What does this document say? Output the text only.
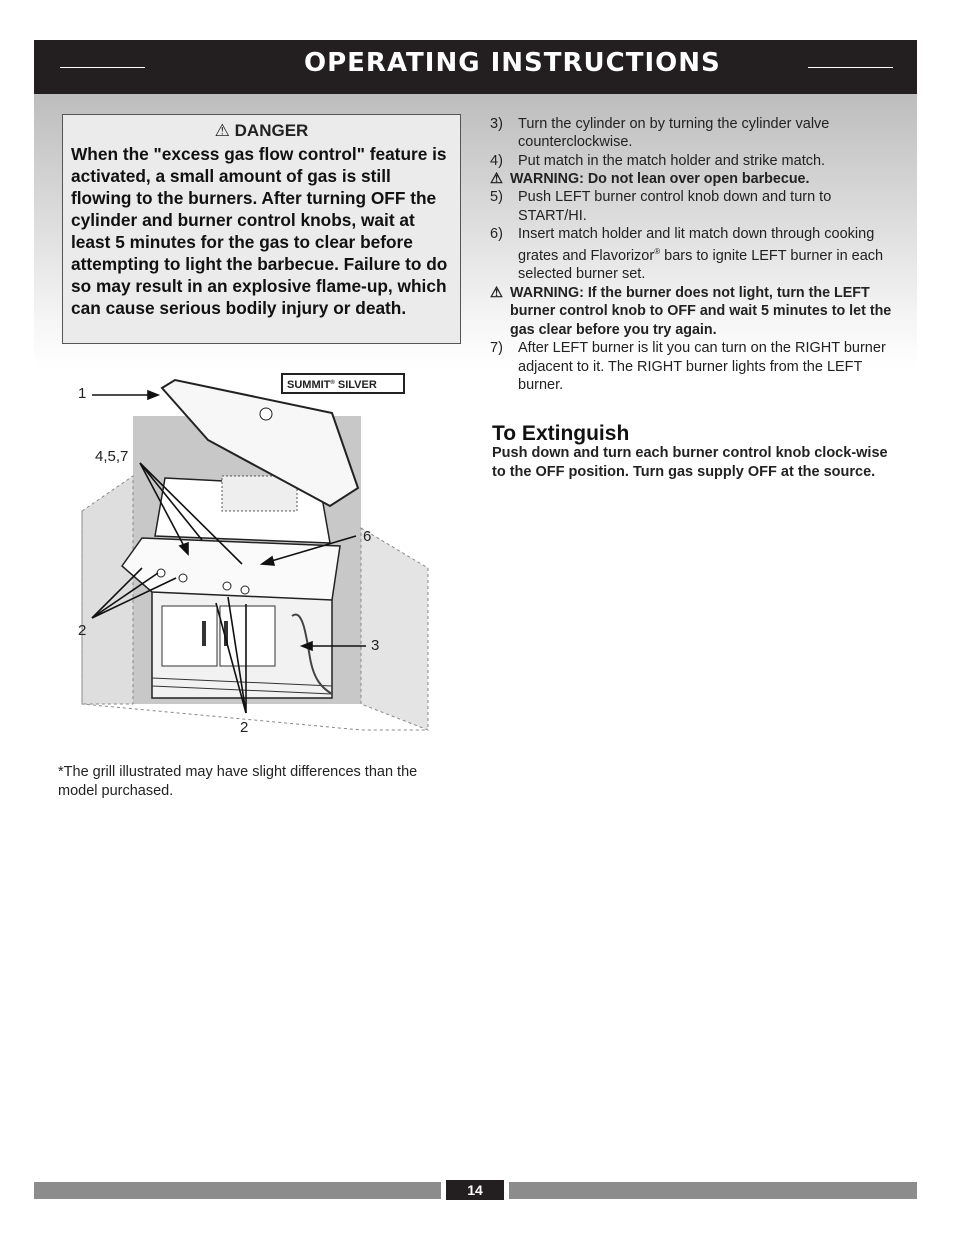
OPERATING INSTRUCTIONS
⚠ DANGER
When the "excess gas flow control" feature is activated, a small amount of gas is still flowing to the burners. After turning OFF the cylinder and burner control knobs, wait at least 5 minutes for the gas to clear before attempting to light the barbecue. Failure to do so may result in an explosive flame-up, which can cause serious bodily injury or death.
3)	Turn the cylinder on by turning the cylinder valve counterclockwise.
4)	Put match in the match holder and strike match.
⚠ WARNING: Do not lean over open barbecue.
5)	Push LEFT burner control knob down and turn to START/HI.
6)	Insert match holder and lit match down through cooking grates and Flavorizor® bars to ignite LEFT burner in each selected burner set.
⚠ WARNING: If the burner does not light, turn the LEFT burner control knob to OFF and wait 5 minutes to let the gas clear before you try again.
7)	After LEFT burner is lit you can turn on the RIGHT burner adjacent to it. The RIGHT burner lights from the LEFT burner.
To Extinguish
Push down and turn each burner control knob clock-wise to the OFF position. Turn gas supply OFF at the source.
SUMMIT® SILVER
1
4,5,7
6
2
3
2
*The grill illustrated may have slight differences than the model purchased.
14
